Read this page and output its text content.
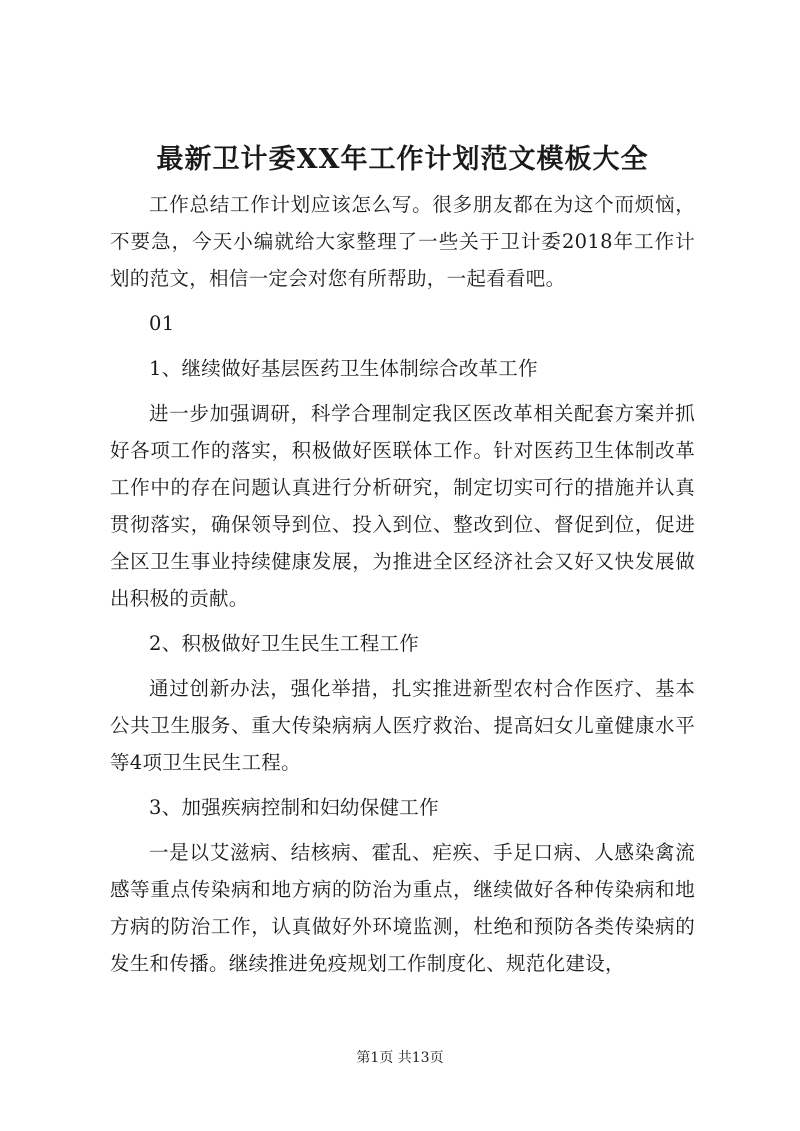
最新卫计委XX年工作计划范文模板大全

工作总结工作计划应该怎么写。很多朋友都在为这个而烦恼，不要急，今天小编就给大家整理了一些关于卫计委2018年工作计划的范文，相信一定会对您有所帮助，一起看看吧。

01

1、继续做好基层医药卫生体制综合改革工作

进一步加强调研，科学合理制定我区医改革相关配套方案并抓好各项工作的落实，积极做好医联体工作。针对医药卫生体制改革工作中的存在问题认真进行分析研究，制定切实可行的措施并认真贯彻落实，确保领导到位、投入到位、整改到位、督促到位，促进全区卫生事业持续健康发展，为推进全区经济社会又好又快发展做出积极的贡献。

2、积极做好卫生民生工程工作

通过创新办法，强化举措，扎实推进新型农村合作医疗、基本公共卫生服务、重大传染病病人医疗救治、提高妇女儿童健康水平等4项卫生民生工程。

3、加强疾病控制和妇幼保健工作

一是以艾滋病、结核病、霍乱、疟疾、手足口病、人感染禽流感等重点传染病和地方病的防治为重点，继续做好各种传染病和地方病的防治工作，认真做好外环境监测，杜绝和预防各类传染病的发生和传播。继续推进免疫规划工作制度化、规范化建设，

第1页 共13页
